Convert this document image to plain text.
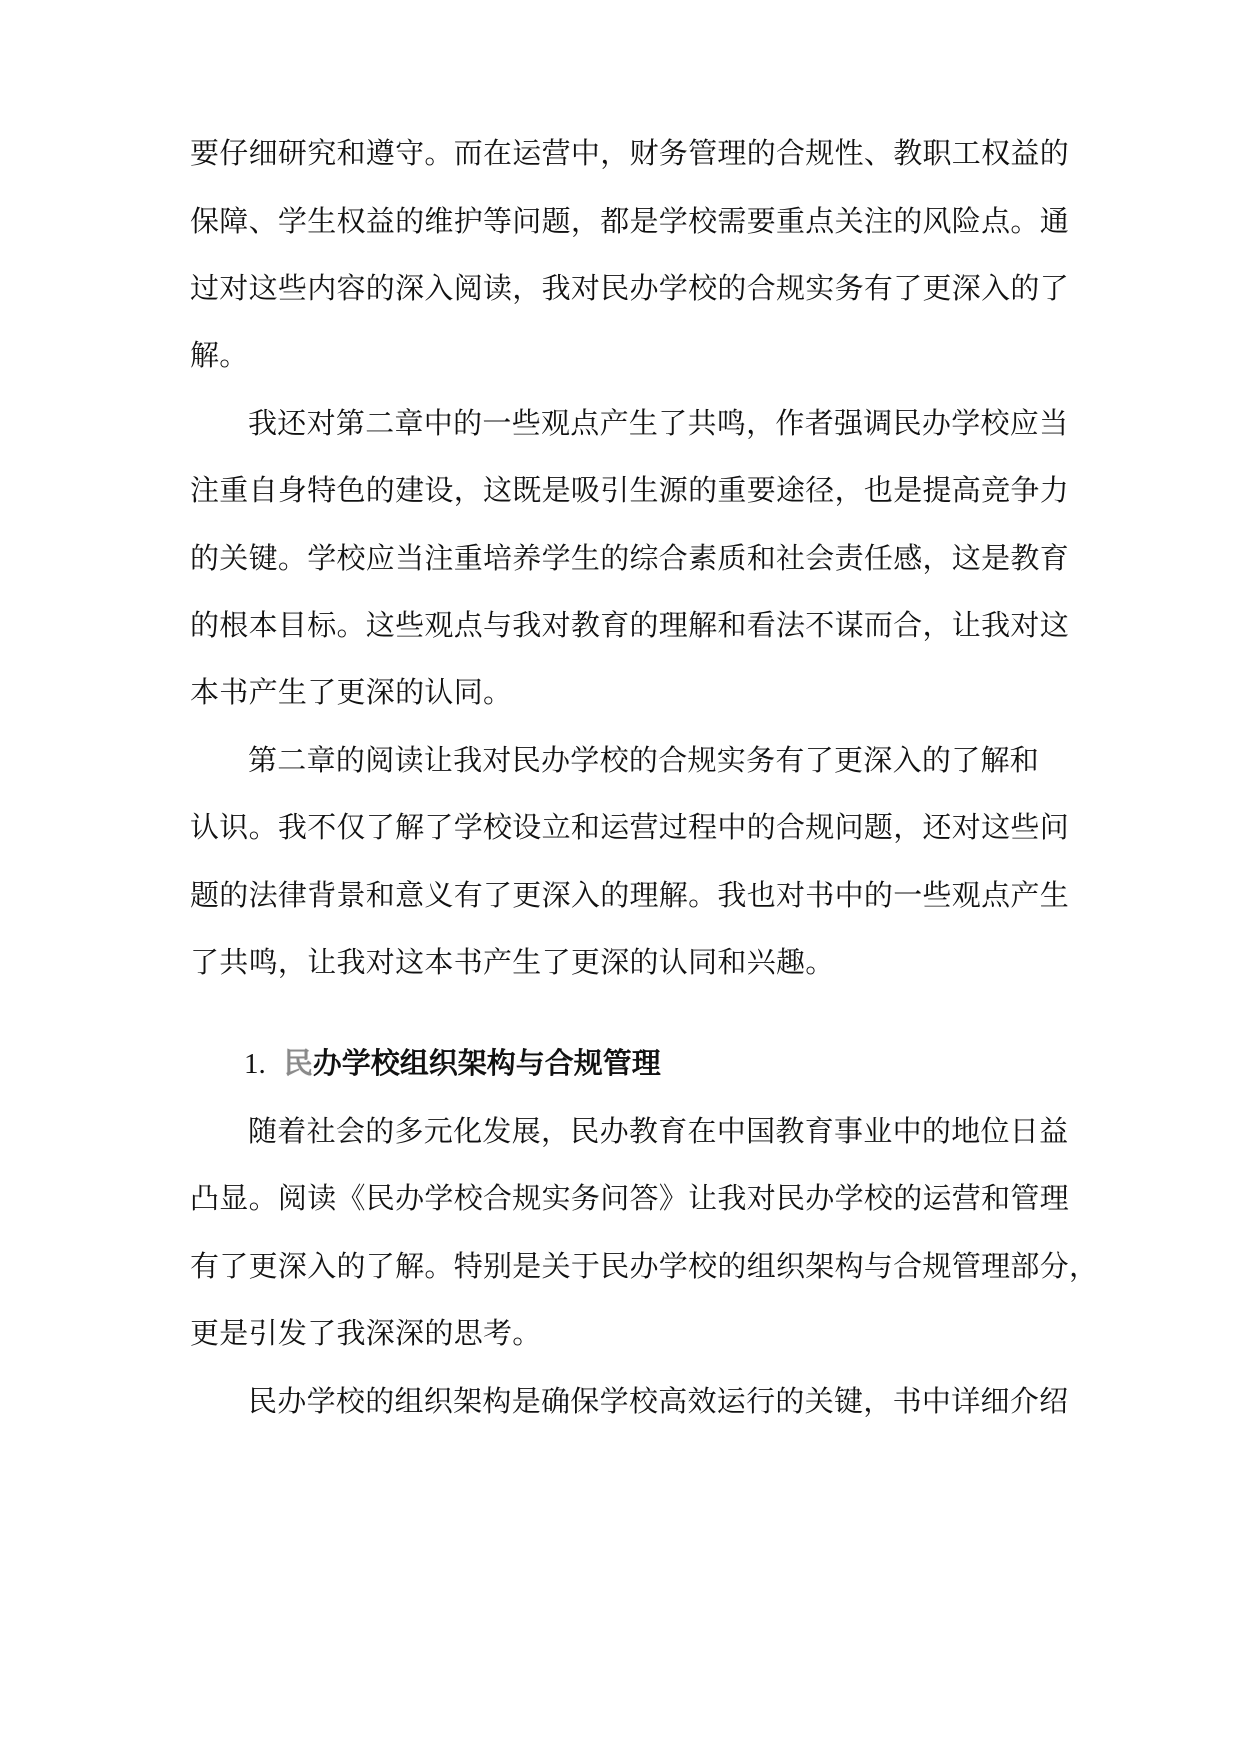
要仔细研究和遵守。而在运营中，财务管理的合规性、教职工权益的
保障、学生权益的维护等问题，都是学校需要重点关注的风险点。通
过对这些内容的深入阅读，我对民办学校的合规实务有了更深入的了
解。
我还对第二章中的一些观点产生了共鸣，作者强调民办学校应当
注重自身特色的建设，这既是吸引生源的重要途径，也是提高竞争力
的关键。学校应当注重培养学生的综合素质和社会责任感，这是教育
的根本目标。这些观点与我对教育的理解和看法不谋而合，让我对这
本书产生了更深的认同。
第二章的阅读让我对民办学校的合规实务有了更深入的了解和
认识。我不仅了解了学校设立和运营过程中的合规问题，还对这些问
题的法律背景和意义有了更深入的理解。我也对书中的一些观点产生
了共鸣，让我对这本书产生了更深的认同和兴趣。
1. 民办学校组织架构与合规管理
随着社会的多元化发展，民办教育在中国教育事业中的地位日益
凸显。阅读《民办学校合规实务问答》让我对民办学校的运营和管理
有了更深入的了解。特别是关于民办学校的组织架构与合规管理部分，
更是引发了我深深的思考。
民办学校的组织架构是确保学校高效运行的关键，书中详细介绍
